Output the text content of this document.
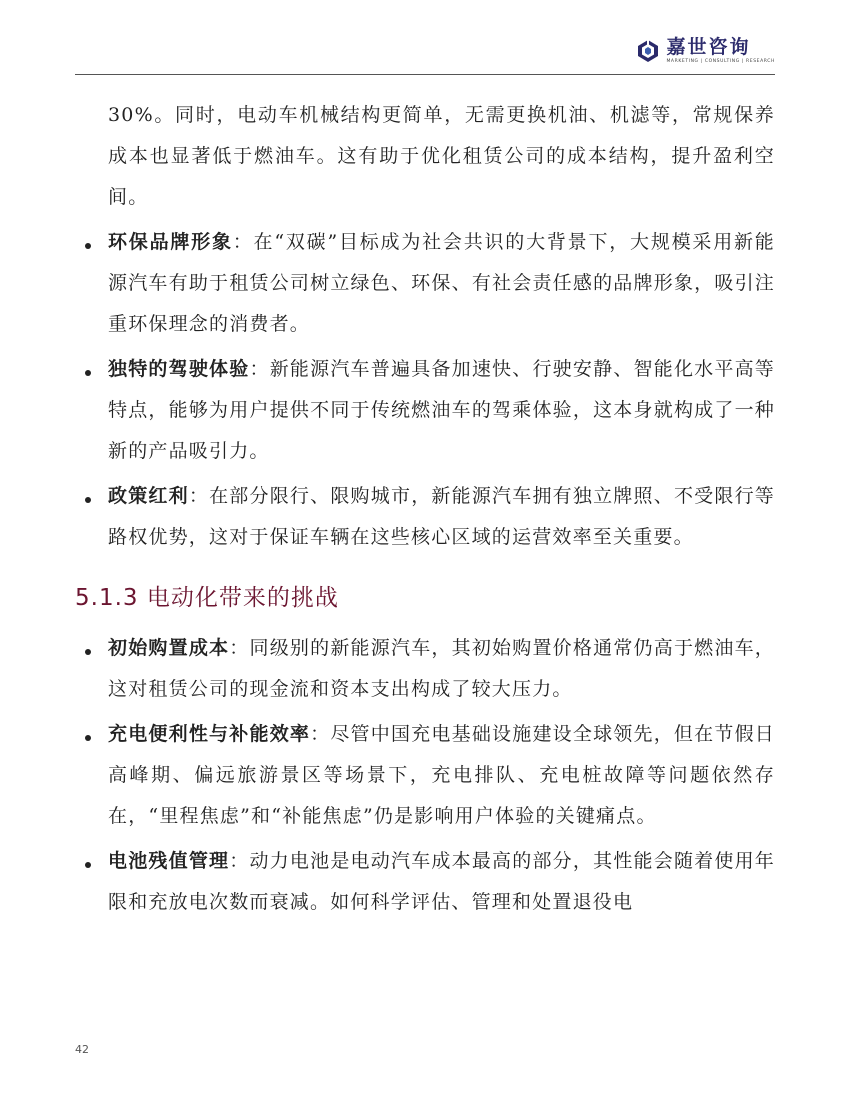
嘉世咨询
MARKETING | CONSULTING | RESEARCH

30%。同时，电动车机械结构更简单，无需更换机油、机滤等，常规保养成本也显著低于燃油车。这有助于优化租赁公司的成本结构，提升盈利空间。

环保品牌形象：在“双碳”目标成为社会共识的大背景下，大规模采用新能源汽车有助于租赁公司树立绿色、环保、有社会责任感的品牌形象，吸引注重环保理念的消费者。
独特的驾驶体验：新能源汽车普遍具备加速快、行驶安静、智能化水平高等特点，能够为用户提供不同于传统燃油车的驾乘体验，这本身就构成了一种新的产品吸引力。
政策红利：在部分限行、限购城市，新能源汽车拥有独立牌照、不受限行等路权优势，这对于保证车辆在这些核心区域的运营效率至关重要。
5.1.3 电动化带来的挑战
初始购置成本：同级别的新能源汽车，其初始购置价格通常仍高于燃油车，这对租赁公司的现金流和资本支出构成了较大压力。
充电便利性与补能效率：尽管中国充电基础设施建设全球领先，但在节假日高峰期、偏远旅游景区等场景下，充电排队、充电桩故障等问题依然存在，“里程焦虑”和“补能焦虑”仍是影响用户体验的关键痛点。
电池残值管理：动力电池是电动汽车成本最高的部分，其性能会随着使用年限和充放电次数而衰减。如何科学评估、管理和处置退役电
42
